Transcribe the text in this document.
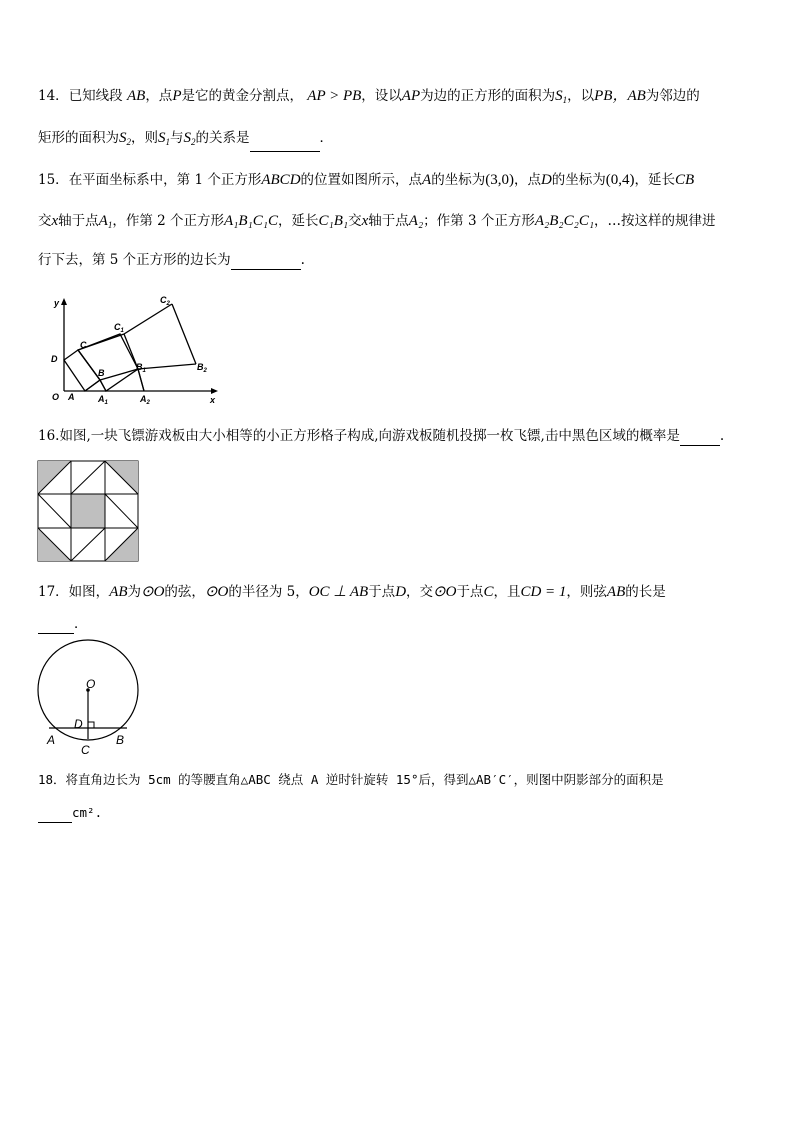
14．已知线段 AB，点P是它的黄金分割点， AP > PB，设以AP为边的正方形的面积为$S_1$，以PB，AB为邻边的
矩形的面积为$S_2$，则$S_1$与$S_2$的关系是	．
15．在平面坐标系中，第 1 个正方形ABCD的位置如图所示，点A的坐标为(3,0)，点D的坐标为(0,4)，延长CB
交x轴于点$A_1$，作第 2 个正方形A₁B₁C₁C，延长C₁B₁交x轴于点A₂；作第 3 个正方形A₂B₂C₂C₁，…按这样的规律进
行下去，第 5 个正方形的边长为	.
y
x
O A	$A_1$	$A_2$
D
C
B
$C_1$
$B_1$
$C_2$
$B_2$
16.如图,一块飞镖游戏板由大小相等的小正方形格子构成,向游戏板随机投掷一枚飞镖,击中黑色区域的概率是	.
17．如图，AB为⊙O的弦，⊙O的半径为 5，OC ⊥ AB于点D，交⊙O于点C，且CD = 1，则弦AB的长是
．
O
D
A	B
C
18．将直角边长为 5cm 的等腰直角△ABC 绕点 A 逆时针旋转 15°后，得到△AB′C′，则图中阴影部分的面积是
cm².
